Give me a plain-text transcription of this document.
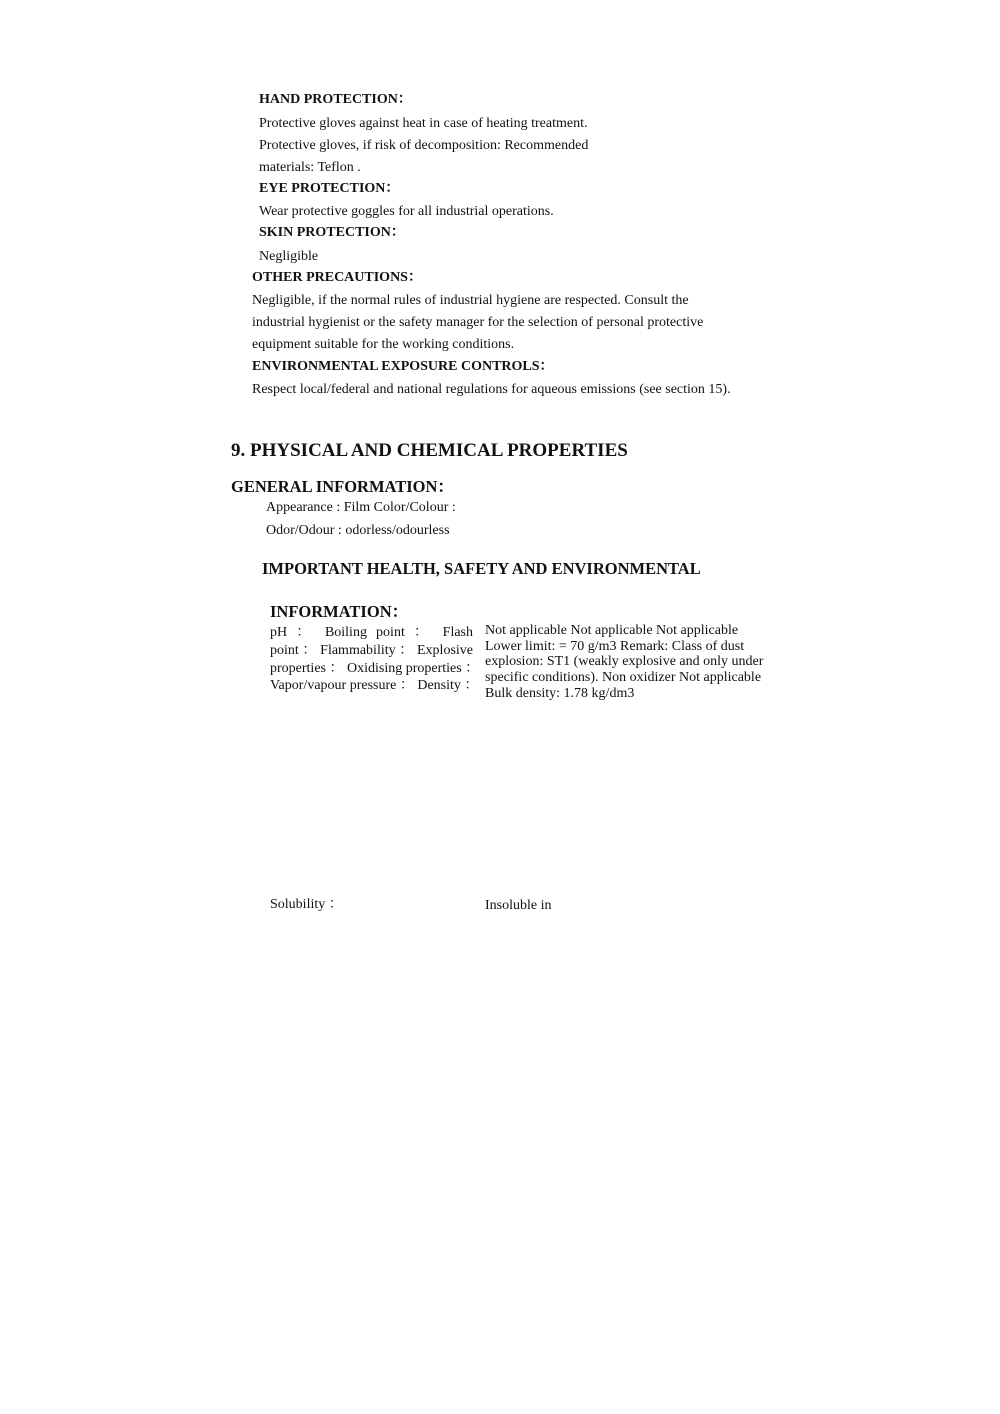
HAND PROTECTION：
Protective gloves against heat in case of heating treatment.
Protective gloves, if risk of decomposition: Recommended
materials: Teflon .
EYE PROTECTION：
Wear protective goggles for all industrial operations.
SKIN PROTECTION：
Negligible
OTHER PRECAUTIONS：
Negligible, if the normal rules of industrial hygiene are respected. Consult the
industrial hygienist or the safety manager for the selection of personal protective
equipment suitable for the working conditions.
ENVIRONMENTAL EXPOSURE CONTROLS：
Respect local/federal and national regulations for aqueous emissions (see section 15).
9. PHYSICAL AND CHEMICAL PROPERTIES
GENERAL INFORMATION：
Appearance : Film Color/Colour :
Odor/Odour : odorless/odourless
IMPORTANT HEALTH, SAFETY AND ENVIRONMENTAL
INFORMATION：
pH ： Boiling point ： Flash
point ： Flammability ： Explosive
properties ： Oxidising properties ：
Vapor/vapour pressure ： Density ：
Not applicable Not applicable Not applicable
Lower limit: = 70 g/m3 Remark: Class of dust
explosion: ST1 (weakly explosive and only under
specific conditions). Non oxidizer Not applicable
Bulk density: 1.78 kg/dm3
Solubility ：	Insoluble in
